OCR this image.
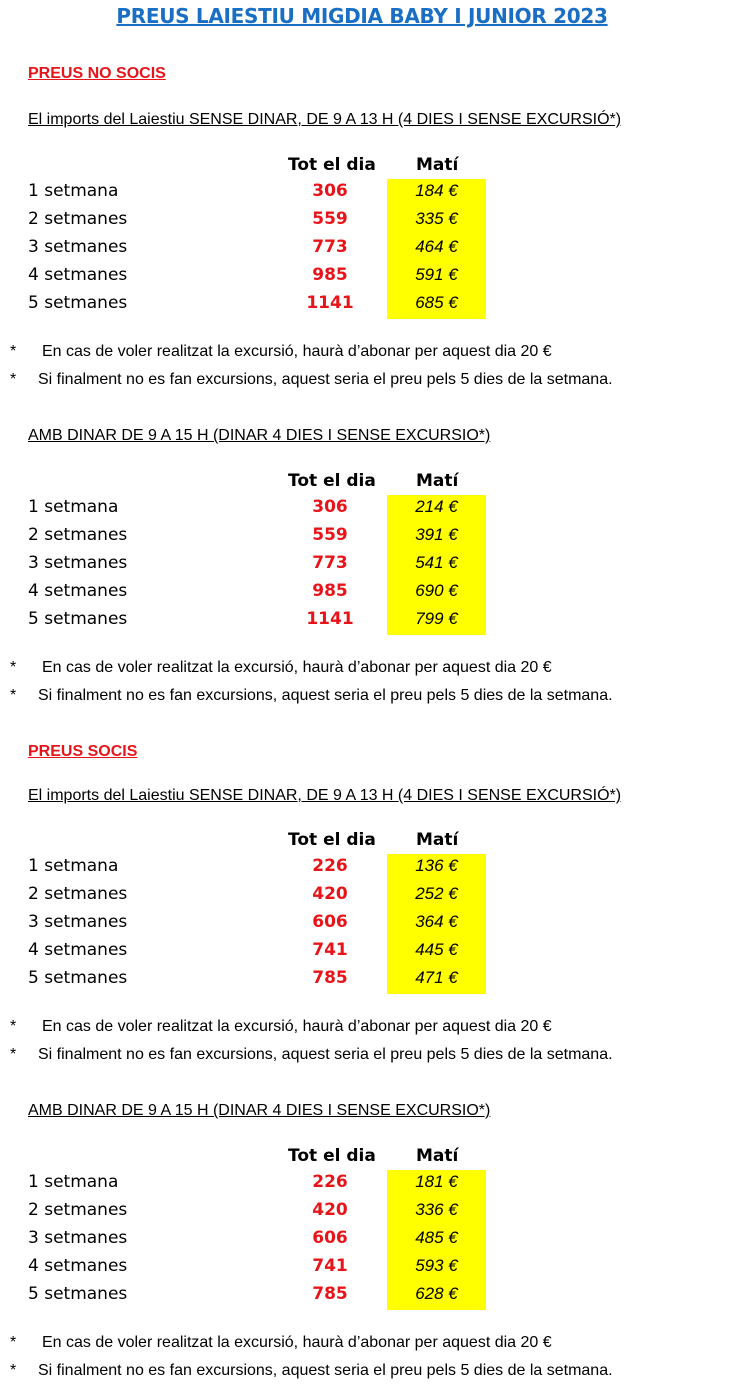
PREUS LAIESTIU MIGDIA BABY I JUNIOR 2023
PREUS NO SOCIS
El imports del Laiestiu SENSE DINAR, DE 9 A 13 H (4 DIES I SENSE EXCURSIÓ*)
Tot el dia Matí
1 setmana	306	184 €
2 setmanes	559	335 €
3 setmanes	773	464 €
4 setmanes	985	591 €
5 setmanes	1141	685 €
* En cas de voler realitzat la excursió, haurà d’abonar per aquest dia 20 €
* Si finalment no es fan excursions, aquest seria el preu pels 5 dies de la setmana.
AMB DINAR DE 9 A 15 H (DINAR 4 DIES I SENSE EXCURSIO*)
Tot el dia Matí
1 setmana	306	214 €
2 setmanes	559	391 €
3 setmanes	773	541 €
4 setmanes	985	690 €
5 setmanes	1141	799 €
* En cas de voler realitzat la excursió, haurà d’abonar per aquest dia 20 €
* Si finalment no es fan excursions, aquest seria el preu pels 5 dies de la setmana.
PREUS SOCIS
El imports del Laiestiu SENSE DINAR, DE 9 A 13 H (4 DIES I SENSE EXCURSIÓ*)
Tot el dia Matí
1 setmana	226	136 €
2 setmanes	420	252 €
3 setmanes	606	364 €
4 setmanes	741	445 €
5 setmanes	785	471 €
* En cas de voler realitzat la excursió, haurà d’abonar per aquest dia 20 €
* Si finalment no es fan excursions, aquest seria el preu pels 5 dies de la setmana.
AMB DINAR DE 9 A 15 H (DINAR 4 DIES I SENSE EXCURSIO*)
Tot el dia Matí
1 setmana	226	181 €
2 setmanes	420	336 €
3 setmanes	606	485 €
4 setmanes	741	593 €
5 setmanes	785	628 €
* En cas de voler realitzat la excursió, haurà d’abonar per aquest dia 20 €
* Si finalment no es fan excursions, aquest seria el preu pels 5 dies de la setmana.
